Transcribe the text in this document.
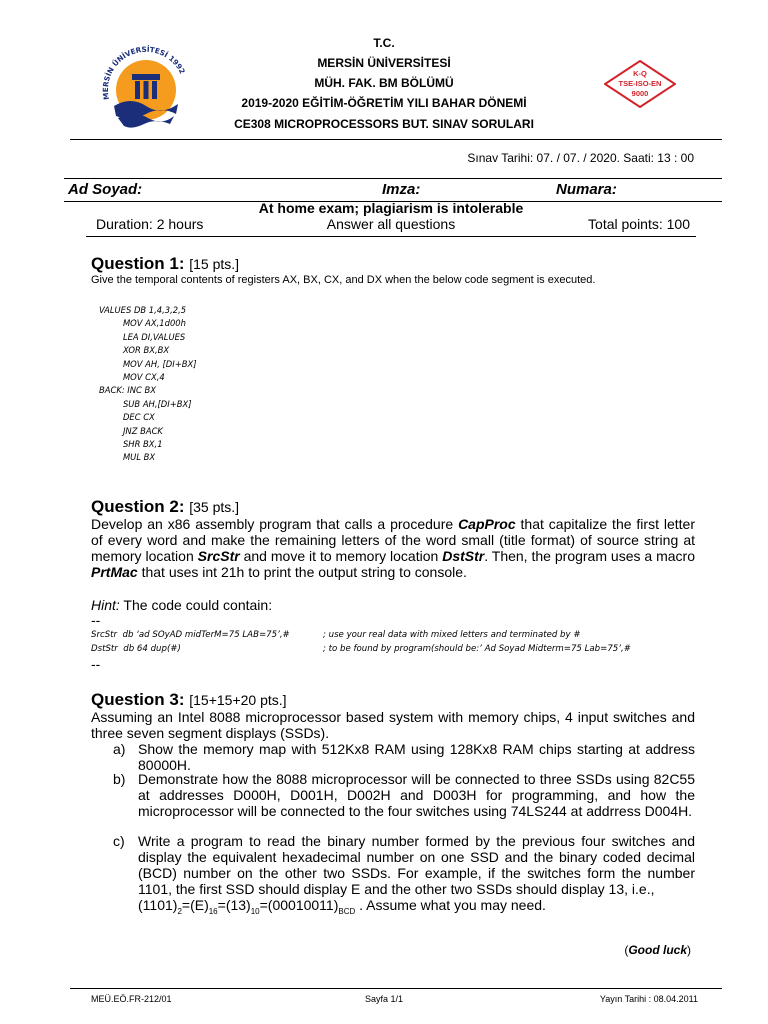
MERSİN ÜNİVERSİTESİ 1992
T.C.
MERSİN ÜNİVERSİTESİ
MÜH. FAK. BM BÖLÜMÜ
2019-2020 EĞİTİM-ÖĞRETİM YILI BAHAR DÖNEMİ
CE308 MICROPROCESSORS BUT. SINAV SORULARI
K-Q
TSE-ISO-EN
9000
Sınav Tarihi: 07. / 07. / 2020. Saati: 13 : 00
Ad Soyad:	Imza:	Numara:
At home exam; plagiarism is intolerable
Duration: 2 hours	Answer all questions	Total points: 100
Question 1: [15 pts.]
Give the temporal contents of registers AX, BX, CX, and DX when the below code segment is executed.
VALUES DB 1,4,3,2,5
MOV AX,1d00h
LEA DI,VALUES
XOR BX,BX
MOV AH, [DI+BX]
MOV CX,4
BACK: INC BX
SUB AH,[DI+BX]
DEC CX
JNZ BACK
SHR BX,1
MUL BX
Question 2: [35 pts.]
Develop an x86 assembly program that calls a procedure CapProc that capitalize the first letter of every word and make the remaining letters of the word small (title format) of source string at memory location SrcStr and move it to memory location DstStr. Then, the program uses a macro PrtMac that uses int 21h to print the output string to console.
Hint: The code could contain:
--
SrcStr  db ‘ad SOyAD midTerM=75 LAB=75’,#	; use your real data with mixed letters and terminated by #
DstStr  db 64 dup(#)	; to be found by program(should be:’ Ad Soyad Midterm=75 Lab=75’,#
--
Question 3: [15+15+20 pts.]
Assuming an Intel 8088 microprocessor based system with memory chips, 4 input switches and three seven segment displays (SSDs).
a) Show the memory map with 512Kx8 RAM using 128Kx8 RAM chips starting at address 80000H.
b) Demonstrate how the 8088 microprocessor will be connected to three SSDs using 82C55 at addresses D000H, D001H, D002H and D003H for programming, and how the microprocessor will be connected to the four switches using 74LS244 at addrress D004H.
c) Write a program to read the binary number formed by the previous four switches and display the equivalent hexadecimal number on one SSD and the binary coded decimal (BCD) number on the other two SSDs. For example, if the switches form the number 1101, the first SSD should display E and the other two SSDs should display 13, i.e.,
$(1101)_2=(E)_{16}=(13)_{10}=(00010011)_{BCD}$ . Assume what you may need.
(Good luck)
MEÜ.EÖ.FR-212/01	Sayfa 1/1	Yayın Tarihi : 08.04.2011
